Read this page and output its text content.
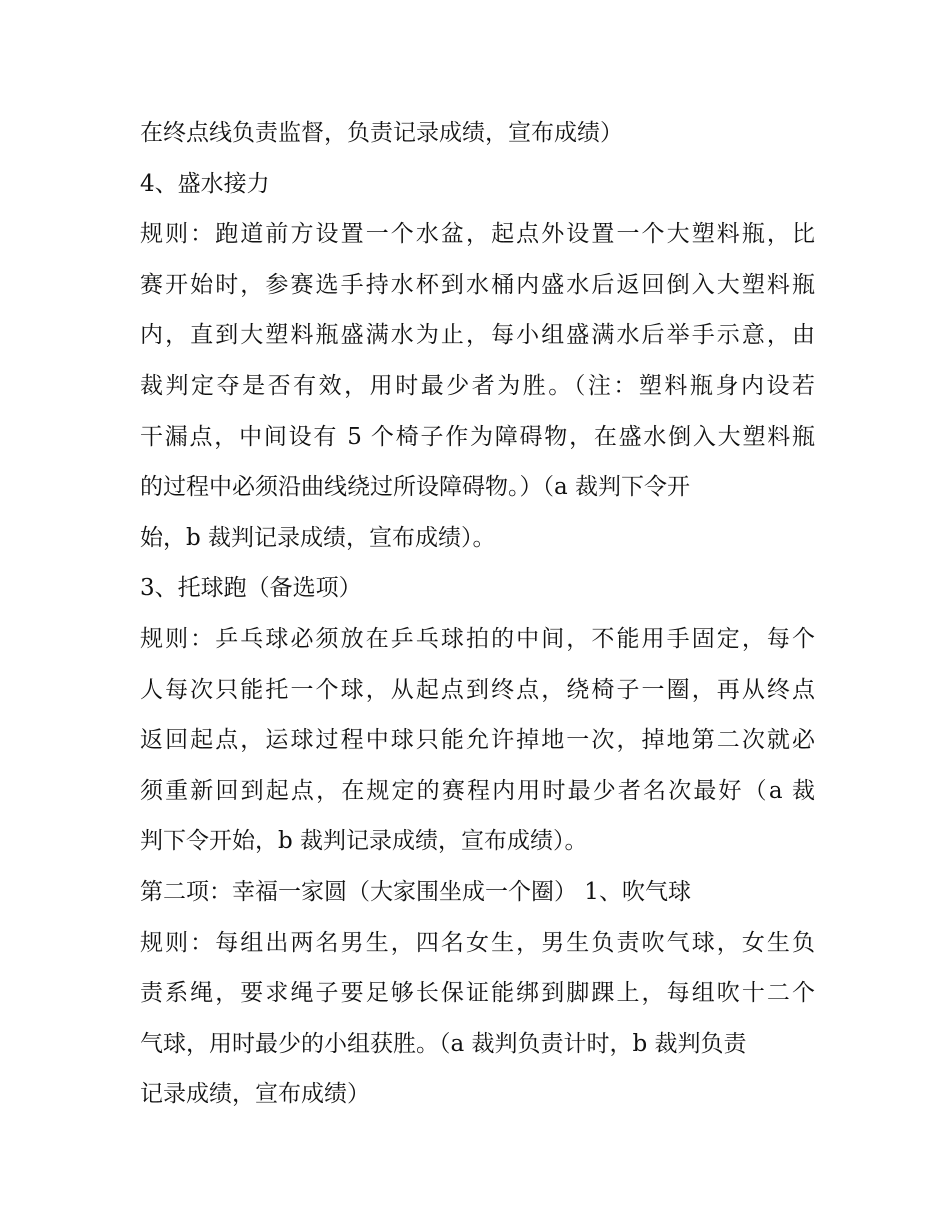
在终点线负责监督，负责记录成绩，宣布成绩）
4、盛水接力
规则：跑道前方设置一个水盆，起点外设置一个大塑料瓶，比
赛开始时，参赛选手持水杯到水桶内盛水后返回倒入大塑料瓶
内，直到大塑料瓶盛满水为止，每小组盛满水后举手示意，由
裁判定夺是否有效，用时最少者为胜。（注：塑料瓶身内设若
干漏点，中间设有 5 个椅子作为障碍物，在盛水倒入大塑料瓶
的过程中必须沿曲线绕过所设障碍物。）（a 裁判下令开
始，b 裁判记录成绩，宣布成绩）。
3、托球跑（备选项）
规则：乒乓球必须放在乒乓球拍的中间，不能用手固定，每个
人每次只能托一个球，从起点到终点，绕椅子一圈，再从终点
返回起点，运球过程中球只能允许掉地一次，掉地第二次就必
须重新回到起点，在规定的赛程内用时最少者名次最好（a 裁
判下令开始，b 裁判记录成绩，宣布成绩）。
第二项：幸福一家圆（大家围坐成一个圈） 1、吹气球
规则：每组出两名男生，四名女生，男生负责吹气球，女生负
责系绳，要求绳子要足够长保证能绑到脚踝上，每组吹十二个
气球，用时最少的小组获胜。（a 裁判负责计时，b 裁判负责
记录成绩，宣布成绩）
